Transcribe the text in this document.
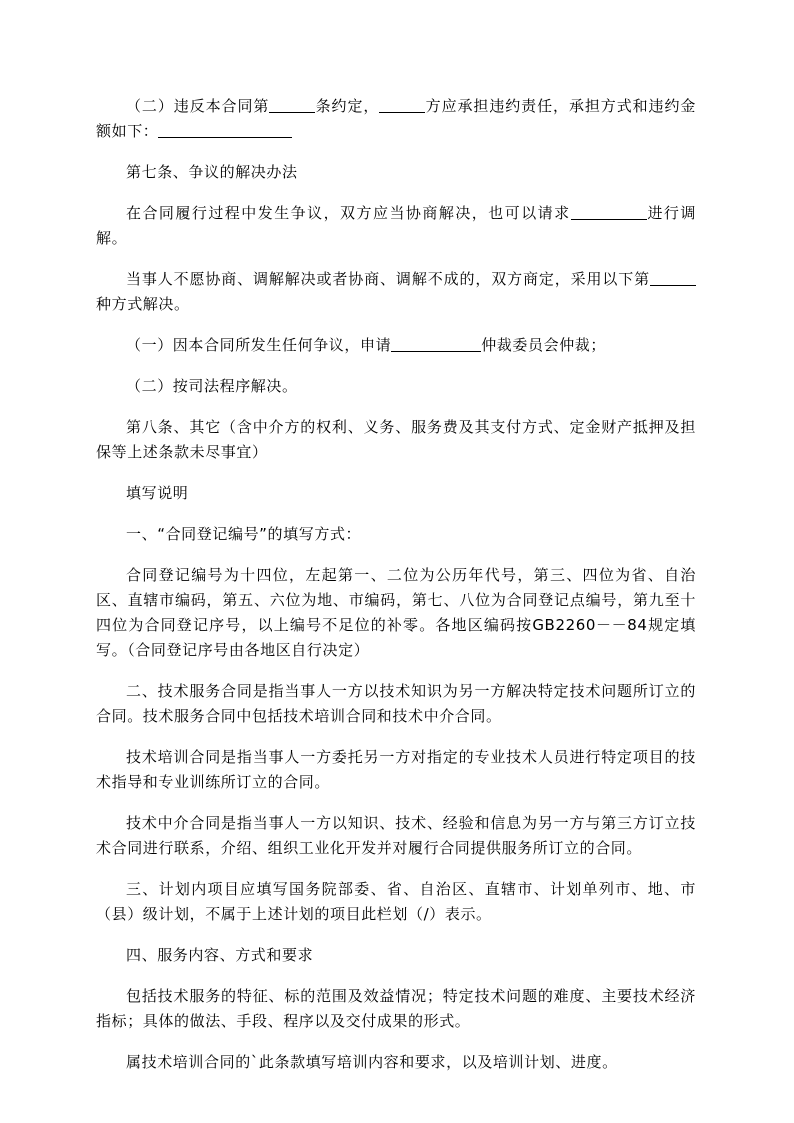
（二）违反本合同第	条约定，	方应承担违约责任，承担方式和违约金额如下：

第七条、争议的解决办法

在合同履行过程中发生争议，双方应当协商解决，也可以请求	进行调解。

当事人不愿协商、调解解决或者协商、调解不成的，双方商定，采用以下第种方式解决。

（一）因本合同所发生任何争议，申请	仲裁委员会仲裁；

（二）按司法程序解决。

第八条、其它（含中介方的权利、义务、服务费及其支付方式、定金财产抵押及担保等上述条款未尽事宜）

填写说明

一、“合同登记编号”的填写方式：

合同登记编号为十四位，左起第一、二位为公历年代号，第三、四位为省、自治区、直辖市编码，第五、六位为地、市编码，第七、八位为合同登记点编号，第九至十四位为合同登记序号，以上编号不足位的补零。各地区编码按GB2260－－84规定填写。（合同登记序号由各地区自行决定）

二、技术服务合同是指当事人一方以技术知识为另一方解决特定技术问题所订立的合同。技术服务合同中包括技术培训合同和技术中介合同。

技术培训合同是指当事人一方委托另一方对指定的专业技术人员进行特定项目的技术指导和专业训练所订立的合同。

技术中介合同是指当事人一方以知识、技术、经验和信息为另一方与第三方订立技术合同进行联系，介绍、组织工业化开发并对履行合同提供服务所订立的合同。

三、计划内项目应填写国务院部委、省、自治区、直辖市、计划单列市、地、市（县）级计划，不属于上述计划的项目此栏划（/）表示。

四、服务内容、方式和要求

包括技术服务的特征、标的范围及效益情况；特定技术问题的难度、主要技术经济指标；具体的做法、手段、程序以及交付成果的形式。

属技术培训合同的`此条款填写培训内容和要求，以及培训计划、进度。
